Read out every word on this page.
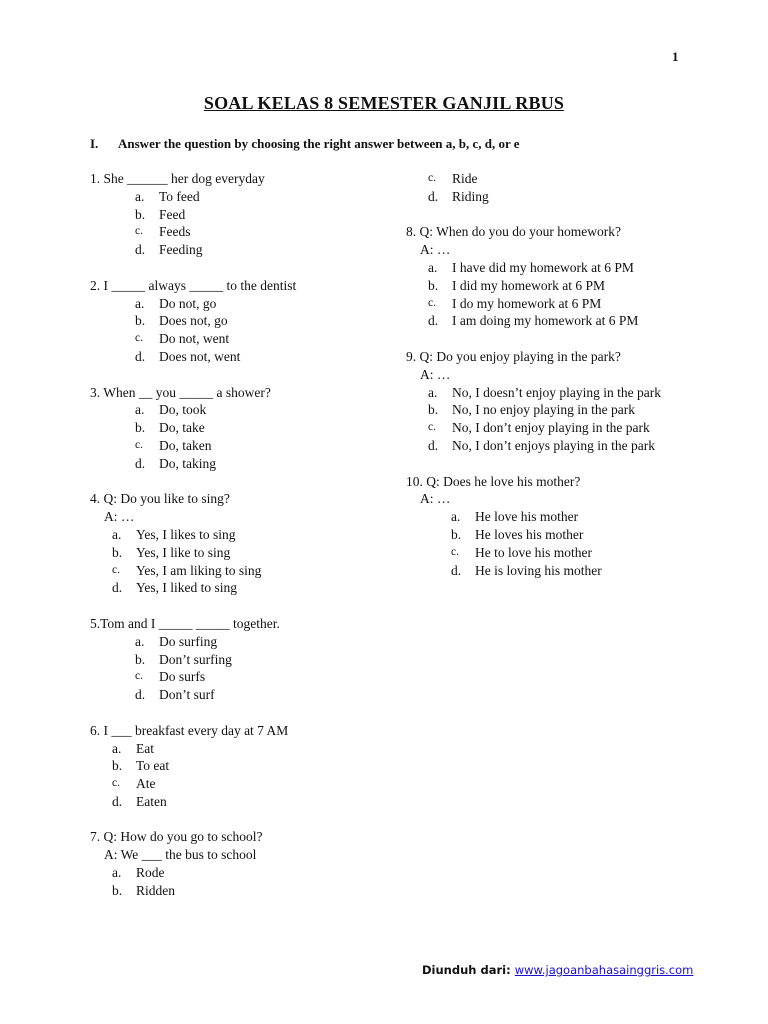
1
SOAL KELAS 8 SEMESTER GANJIL RBUS
I. Answer the question by choosing the right answer between a, b, c, d, or e
1. She ______ her dog everyday
a.	To feed
b.	Feed
c.	Feeds
d.	Feeding
2. I _____ always _____ to the dentist
a.	Do not, go
b.	Does not, go
c.	Do not, went
d.	Does not, went
3. When __ you _____ a shower?
a.	Do, took
b.	Do, take
c.	Do, taken
d.	Do, taking
4. Q: Do you like to sing?
A: …
a.	Yes, I likes to sing
b.	Yes, I like to sing
c.	Yes, I am liking to sing
d.	Yes, I liked to sing
5.Tom and I _____ _____ together.
a.	Do surfing
b.	Don’t surfing
c.	Do surfs
d.	Don’t surf
6. I ___ breakfast every day at 7 AM
a.	Eat
b.	To eat
c.	Ate
d.	Eaten
7. Q: How do you go to school?
A: We ___ the bus to school
a.	Rode
b.	Ridden
c.	Ride
d.	Riding
8. Q: When do you do your homework?
A: …
a.	I have did my homework at 6 PM
b.	I did my homework at 6 PM
c.	I do my homework at 6 PM
d.	I am doing my homework at 6 PM
9. Q: Do you enjoy playing in the park?
A: …
a.	No, I doesn’t enjoy playing in the park
b.	No, I no enjoy playing in the park
c.	No, I don’t enjoy playing in the park
d.	No, I don’t enjoys playing in the park
10. Q: Does he love his mother?
A: …
a.	He love his mother
b.	He loves his mother
c.	He to love his mother
d.	He is loving his mother
Diunduh dari: www.jagoanbahasainggris.com
